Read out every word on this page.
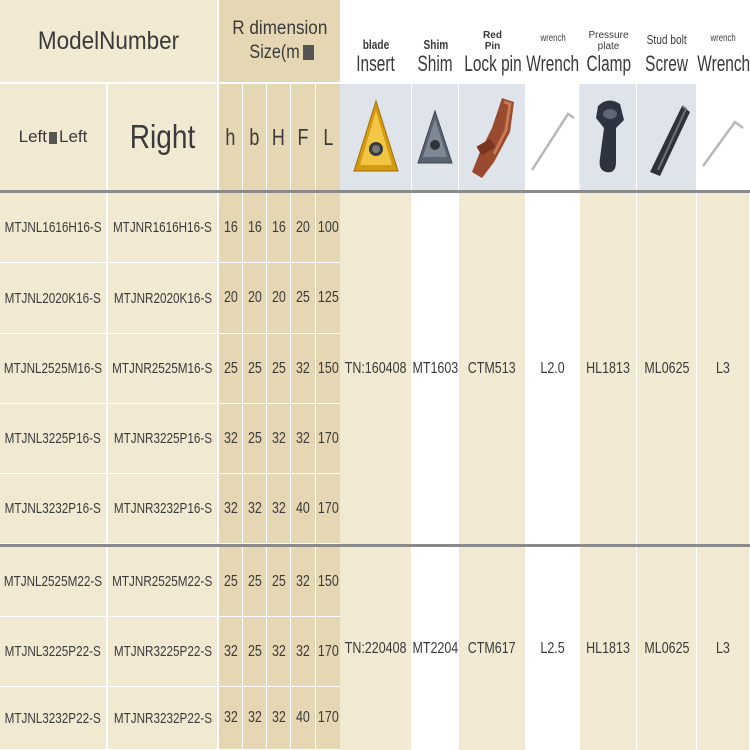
ModelNumber	R dimension
Size(m	blade
Insert
Shim
Shim
Red Pin
Lock pin
wrench
Wrench
Pressure plate
Clamp
Stud bolt
Screw
wrench
Wrench
Left Left Right h b H F L
MTJNL1616H16-S MTJNR1616H16-S 16 16 16 20 100
MTJNL2020K16-S MTJNR2020K16-S 20 20 20 25 125
MTJNL2525M16-S MTJNR2525M16-S 25 25 25 32 150
MTJNL3225P16-S MTJNR3225P16-S 32 25 32 32 170
MTJNL3232P16-S MTJNR3232P16-S 32 32 32 40 170
MTJNL2525M22-S MTJNR2525M22-S 25 25 25 32 150
MTJNL3225P22-S MTJNR3225P22-S 32 25 32 32 170
MTJNL3232P22-S MTJNR3232P22-S 32 32 32 40 170
TN:160408 MT1603 CTM513 L2.0 HL1813 ML0625 L3
TN:220408 MT2204 CTM617 L2.5 HL1813 ML0625 L3
